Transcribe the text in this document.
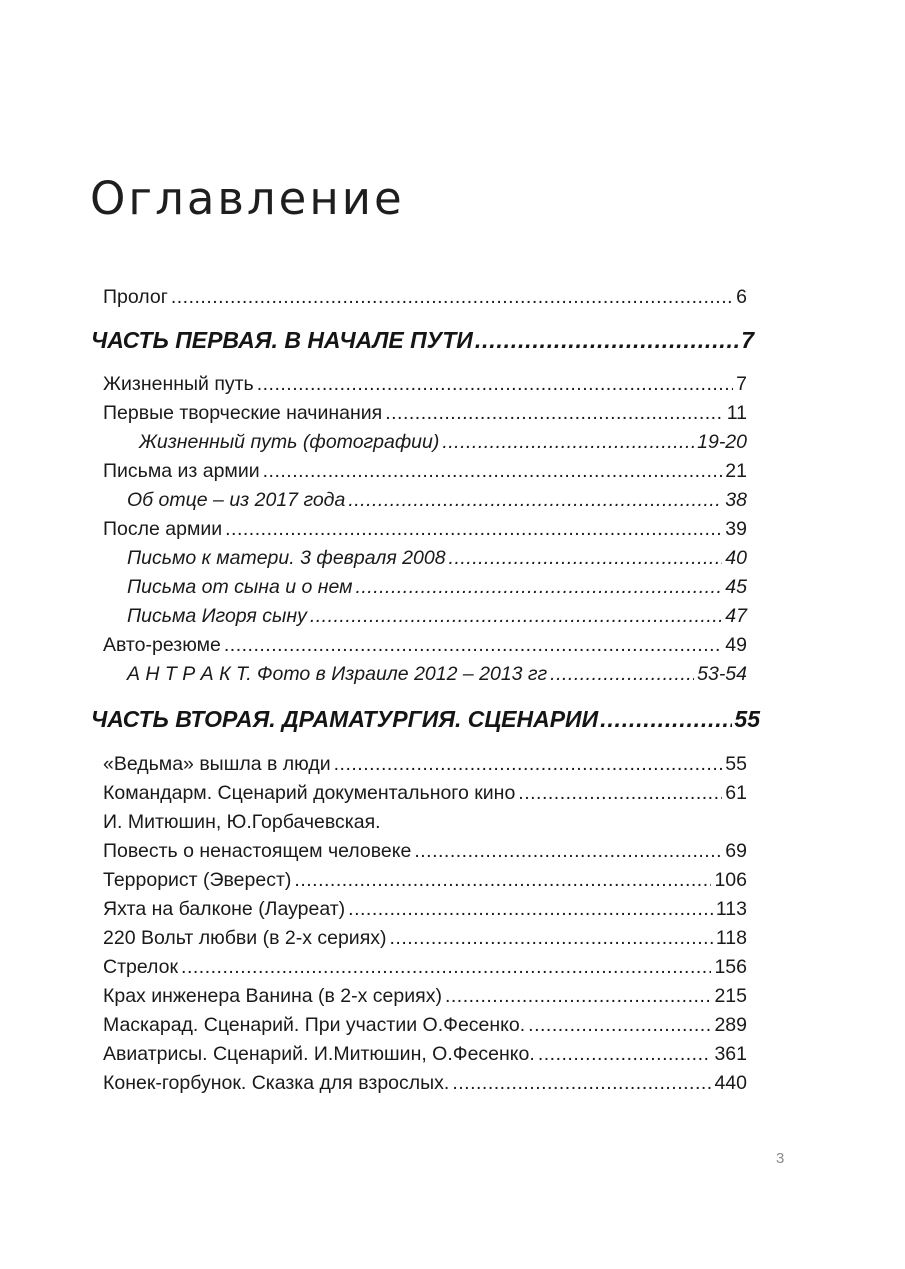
Оглавление
Пролог .....	6
ЧАСТЬ ПЕРВАЯ. В НАЧАЛЕ ПУТИ .....	7
Жизненный путь .....	7
Первые творческие начинания .....	11
Жизненный путь (фотографии) .....	19-20
Письма из армии .....	21
Об отце – из 2017 года .....	38
После армии .....	39
Письмо к матери. 3 февраля 2008 .....	40
Письма от сына и о нем .....	45
Письма Игоря сыну .....	47
Авто-резюме .....	49
А Н Т Р А К Т. Фото в Израиле 2012 – 2013 гг .....	53-54
ЧАСТЬ ВТОРАЯ. ДРАМАТУРГИЯ. СЦЕНАРИИ .....	55
«Ведьма» вышла в люди .....	55
Командарм. Сценарий документального кино .....	61
И. Митюшин, Ю.Горбачевская.
Повесть о ненастоящем человеке .....	69
Террорист (Эверест) .....	106
Яхта на балконе (Лауреат) .....	113
220 Вольт любви (в 2-х сериях) .....	118
Стрелок .....	156
Крах инженера Ванина (в 2-х сериях) .....	215
Маскарад. Сценарий. При участии О.Фесенко. .....	289
Авиатрисы. Сценарий. И.Митюшин, О.Фесенко. .....	361
Конек-горбунок. Сказка для взрослых. .....	440
3
